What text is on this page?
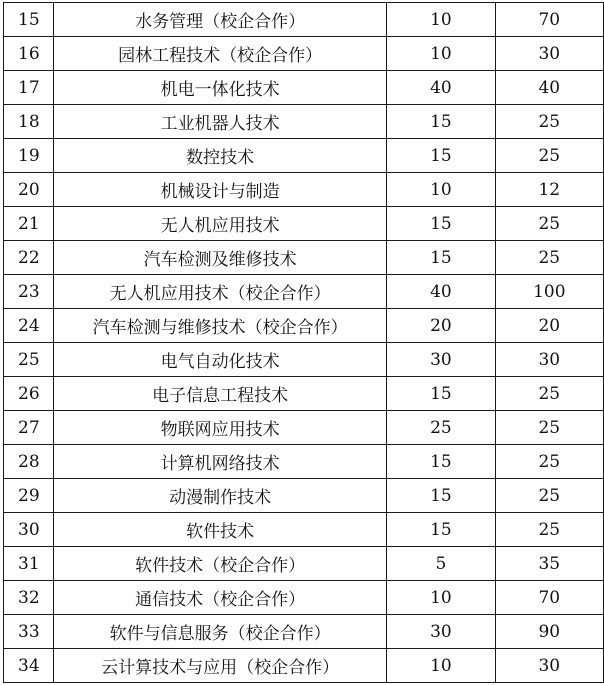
15	水务管理（校企合作）	10	70
16	园林工程技术（校企合作）	10	30
17	机电一体化技术	40	40
18	工业机器人技术	15	25
19	数控技术	15	25
20	机械设计与制造	10	12
21	无人机应用技术	15	25
22	汽车检测及维修技术	15	25
23	无人机应用技术（校企合作）	40	100
24	汽车检测与维修技术（校企合作）	20	20
25	电气自动化技术	30	30
26	电子信息工程技术	15	25
27	物联网应用技术	25	25
28	计算机网络技术	15	25
29	动漫制作技术	15	25
30	软件技术	15	25
31	软件技术（校企合作）	5	35
32	通信技术（校企合作）	10	70
33	软件与信息服务（校企合作）	30	90
34	云计算技术与应用（校企合作）	10	30
